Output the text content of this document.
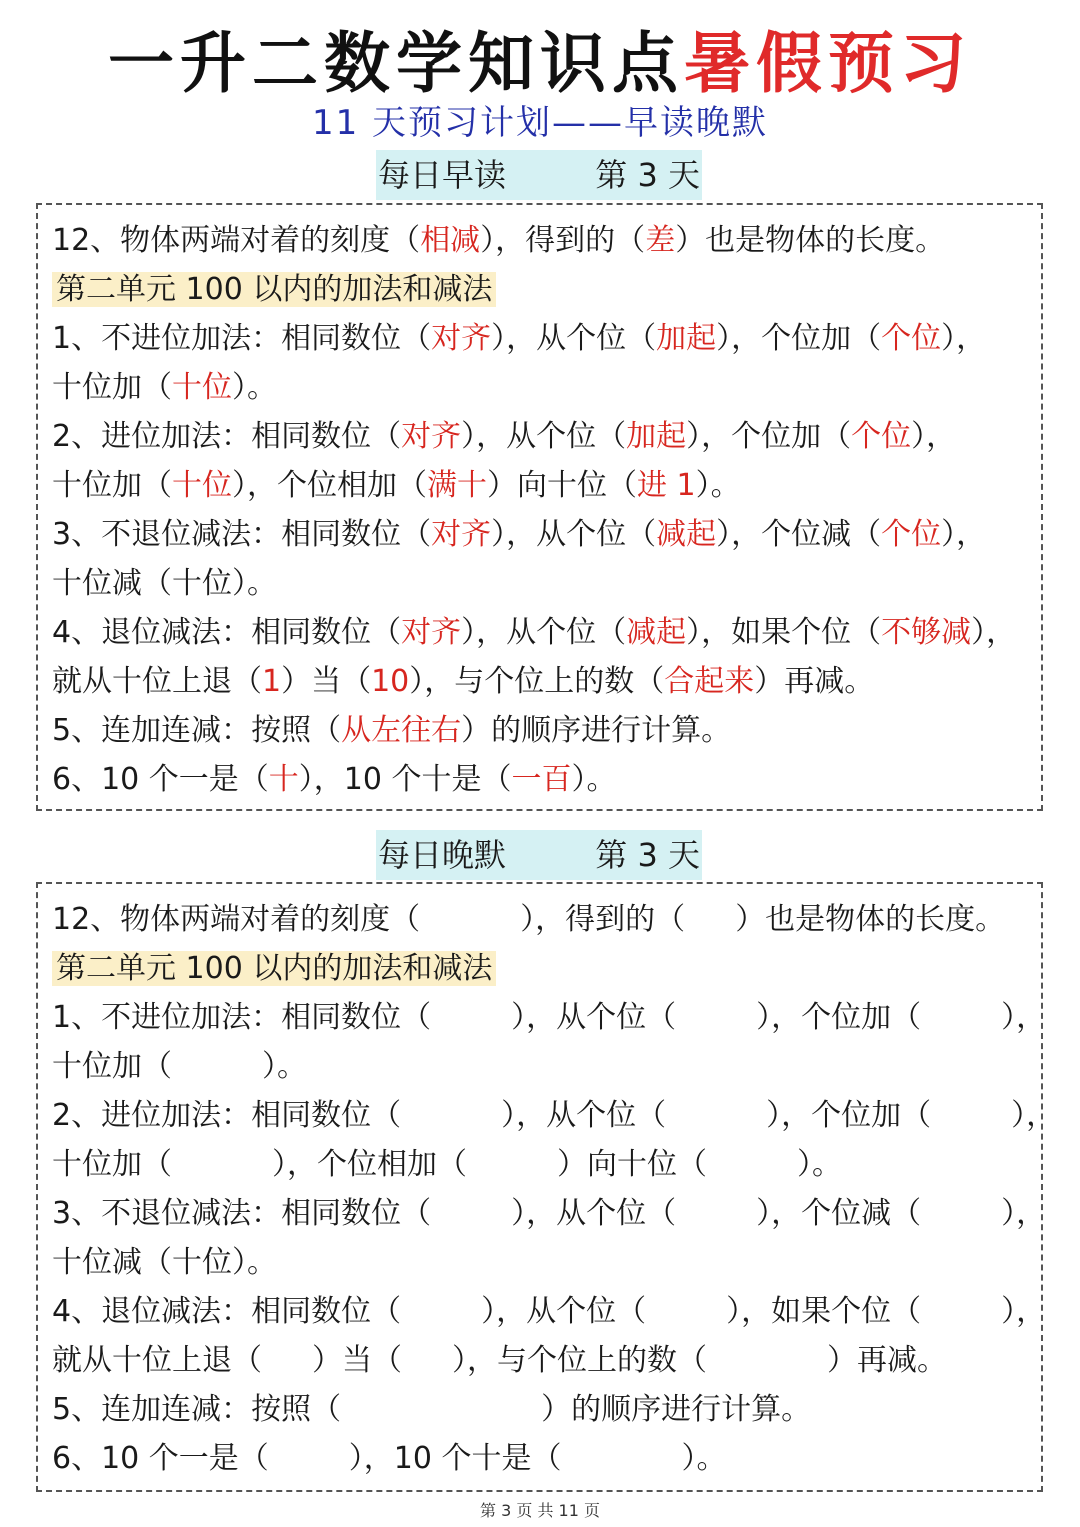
一升二数学知识点暑假预习
11 天预习计划——早读晚默
每日早读	第 3 天
12、物体两端对着的刻度（相减），得到的（差）也是物体的长度。
第二单元 100 以内的加法和减法
1、不进位加法：相同数位（对齐），从个位（加起），个位加（个位），
十位加（十位）。
2、进位加法：相同数位（对齐），从个位（加起），个位加（个位），
十位加（十位），个位相加（满十）向十位（进 1）。
3、不退位减法：相同数位（对齐），从个位（减起），个位减（个位），
十位减（十位）。
4、退位减法：相同数位（对齐），从个位（减起），如果个位（不够减），
就从十位上退（1）当（10），与个位上的数（合起来）再减。
5、连加连减：按照（从左往右）的顺序进行计算。
6、10 个一是（十），10 个十是（一百）。
每日晚默	第 3 天
12、物体两端对着的刻度（	），得到的（ ）也是物体的长度。
第二单元 100 以内的加法和减法
1、不进位加法：相同数位（	），从个位（	），个位加（	），
十位加（	）。
2、进位加法：相同数位（	），从个位（	），个位加（	），
十位加（	），个位相加（	）向十位（	）。
3、不退位减法：相同数位（	），从个位（	），个位减（	），
十位减（十位）。
4、退位减法：相同数位（	），从个位（	），如果个位（	），
就从十位上退（ ）当（ ），与个位上的数（	）再减。
5、连加连减：按照（	）的顺序进行计算。
6、10 个一是（	），10 个十是（	）。
第 3 页 共 11 页
